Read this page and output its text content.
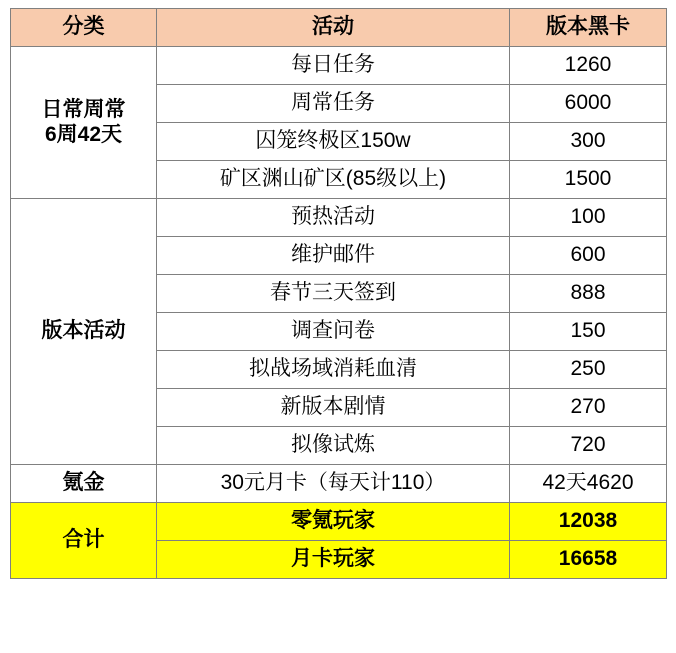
分类	活动	版本黑卡

日常周常
6周42天	每日任务	1260
	周常任务	6000
	囚笼终极区150w	300
	矿区渊山矿区(85级以上)	1500
版本活动	预热活动	100
	维护邮件	600
	春节三天签到	888
	调查问卷	150
	拟战场域消耗血清	250
	新版本剧情	270
	拟像试炼	720
氪金	30元月卡（每天计110）	42天4620
合计	零氪玩家	12038
	月卡玩家	16658
